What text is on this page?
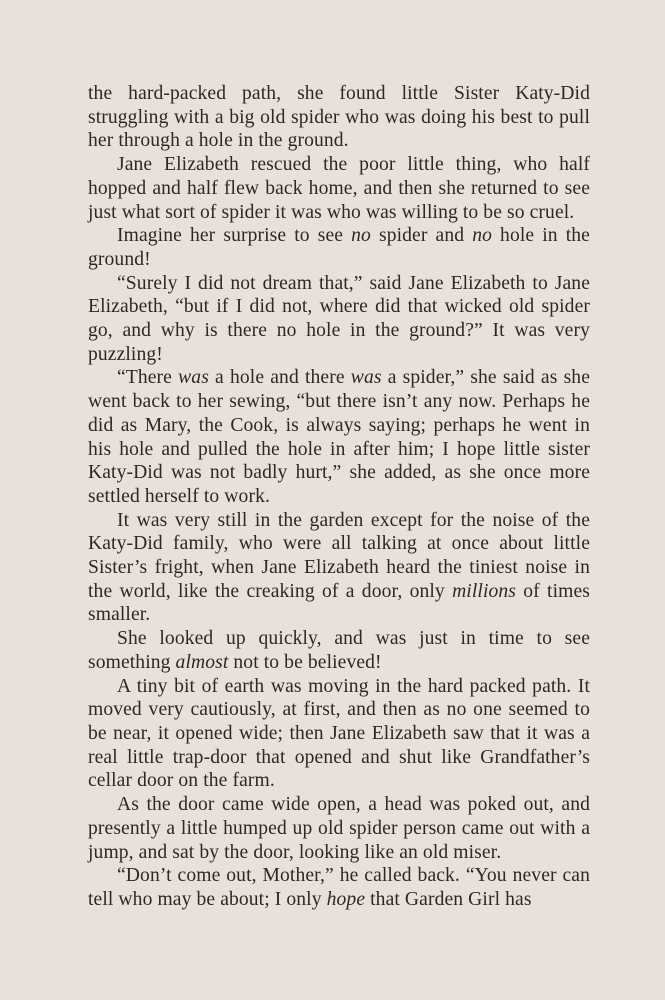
the hard-packed path, she found little Sister Katy-Did struggling with a big old spider who was doing his best to pull her through a hole in the ground.

Jane Elizabeth rescued the poor little thing, who half hopped and half flew back home, and then she returned to see just what sort of spider it was who was willing to be so cruel.

Imagine her surprise to see no spider and no hole in the ground!

“Surely I did not dream that,” said Jane Elizabeth to Jane Elizabeth, “but if I did not, where did that wicked old spider go, and why is there no hole in the ground?” It was very puzzling!

“There was a hole and there was a spider,” she said as she went back to her sewing, “but there isn’t any now. Perhaps he did as Mary, the Cook, is always saying; perhaps he went in his hole and pulled the hole in after him; I hope little sister Katy-Did was not badly hurt,” she added, as she once more settled herself to work.

It was very still in the garden except for the noise of the Katy-Did family, who were all talking at once about little Sister’s fright, when Jane Elizabeth heard the tiniest noise in the world, like the creaking of a door, only millions of times smaller.

She looked up quickly, and was just in time to see something almost not to be believed!

A tiny bit of earth was moving in the hard packed path. It moved very cautiously, at first, and then as no one seemed to be near, it opened wide; then Jane Elizabeth saw that it was a real little trap-door that opened and shut like Grandfather’s cellar door on the farm.

As the door came wide open, a head was poked out, and presently a little humped up old spider person came out with a jump, and sat by the door, looking like an old miser.

“Don’t come out, Mother,” he called back. “You never can tell who may be about; I only hope that Garden Girl has
